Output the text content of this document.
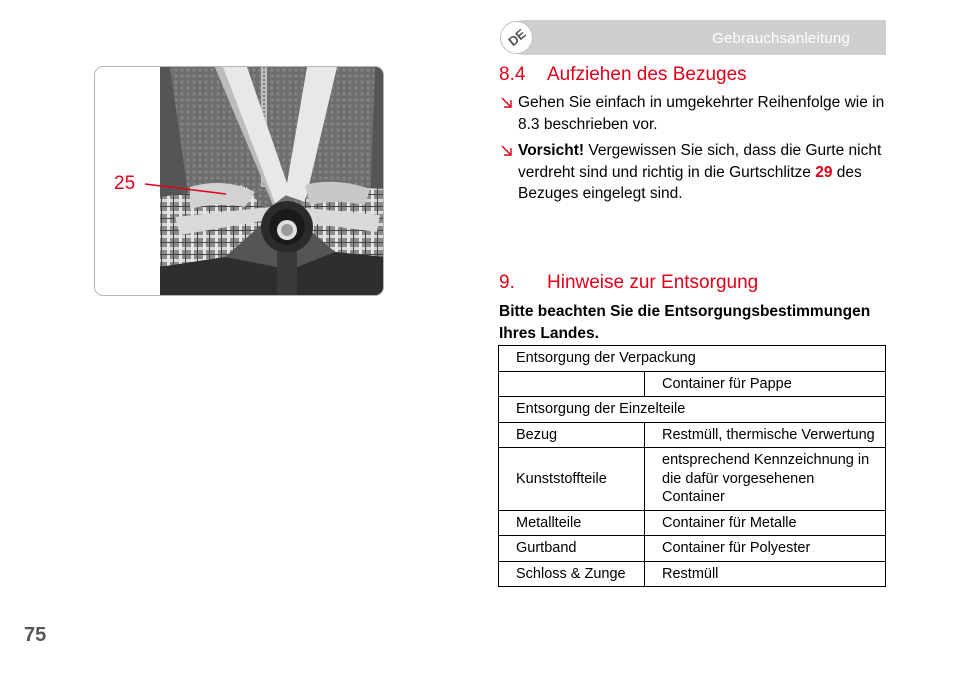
DE	Gebrauchsanleitung
25
8.4 Aufziehen des Bezuges
Gehen Sie einfach in umgekehrter Reihenfolge wie in 8.3 beschrieben vor.
Vorsicht! Vergewissen Sie sich, dass die Gurte nicht verdreht sind und richtig in die Gurtschlitze 29 des Bezuges eingelegt sind.
9. Hinweise zur Entsorgung
Bitte beachten Sie die Entsorgungsbestimmungen Ihres Landes.
Entsorgung der Verpackung	
	Container für Pappe
Entsorgung der Einzelteile	
Bezug	Restmüll, thermische Verwertung
Kunststoffteile	entsprechend Kennzeichnung in die dafür vorgesehenen Container
Metallteile	Container für Metalle
Gurtband	Container für Polyester
Schloss & Zunge	Restmüll
75
